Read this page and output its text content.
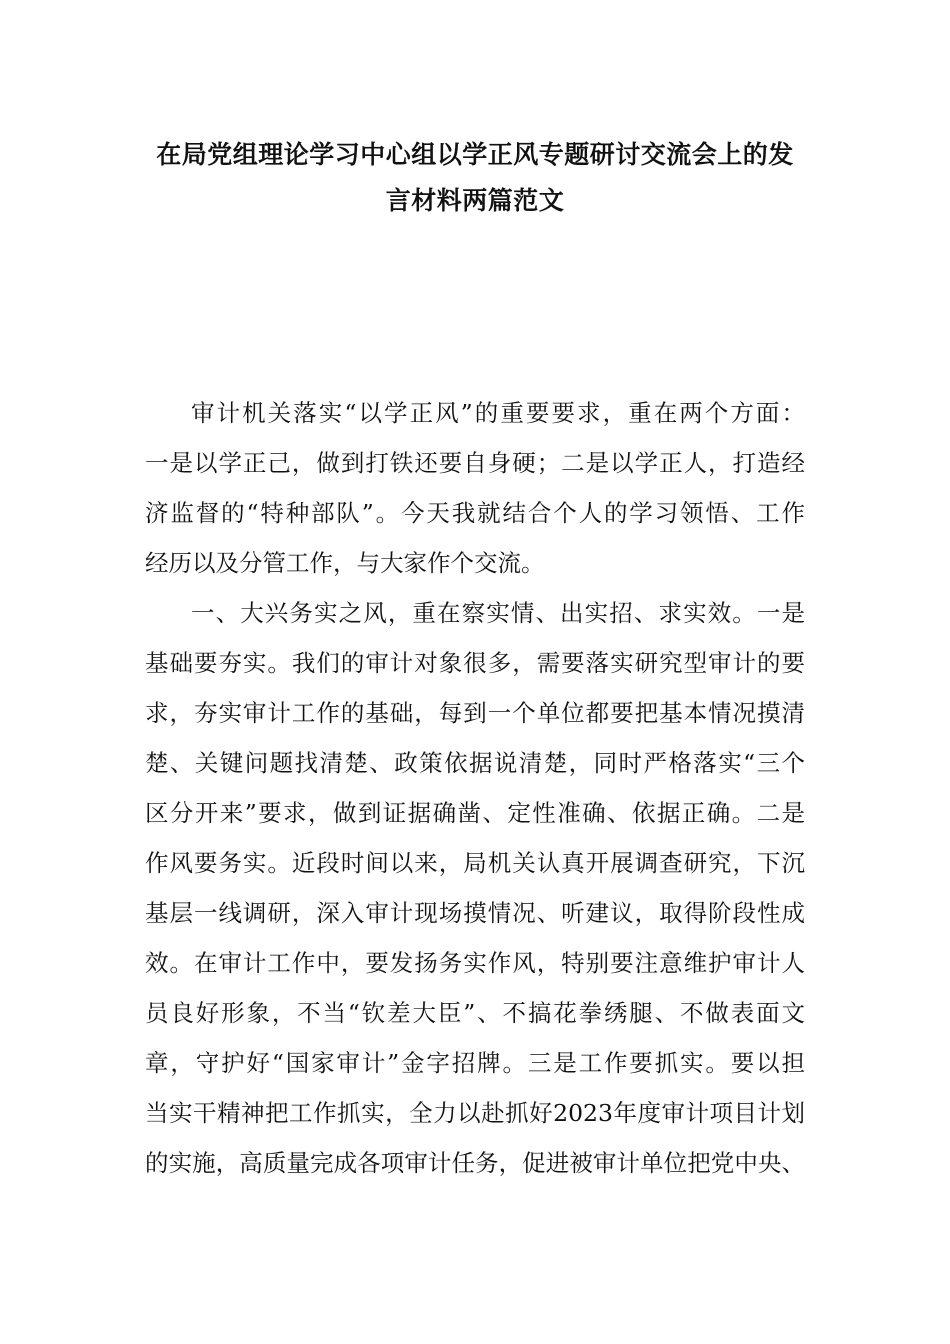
在局党组理论学习中心组以学正风专题研讨交流会上的发
言材料两篇范文
审计机关落实“以学正风”的重要要求，重在两个方面：
一是以学正己，做到打铁还要自身硬；二是以学正人，打造经
济监督的“特种部队”。今天我就结合个人的学习领悟、工作
经历以及分管工作，与大家作个交流。
一、大兴务实之风，重在察实情、出实招、求实效。一是
基础要夯实。我们的审计对象很多，需要落实研究型审计的要
求，夯实审计工作的基础，每到一个单位都要把基本情况摸清
楚、关键问题找清楚、政策依据说清楚，同时严格落实“三个
区分开来”要求，做到证据确凿、定性准确、依据正确。二是
作风要务实。近段时间以来，局机关认真开展调查研究，下沉
基层一线调研，深入审计现场摸情况、听建议，取得阶段性成
效。在审计工作中，要发扬务实作风，特别要注意维护审计人
员良好形象，不当“钦差大臣”、不搞花拳绣腿、不做表面文
章，守护好“国家审计”金字招牌。三是工作要抓实。要以担
当实干精神把工作抓实，全力以赴抓好2023年度审计项目计划
的实施，高质量完成各项审计任务，促进被审计单位把党中央、
